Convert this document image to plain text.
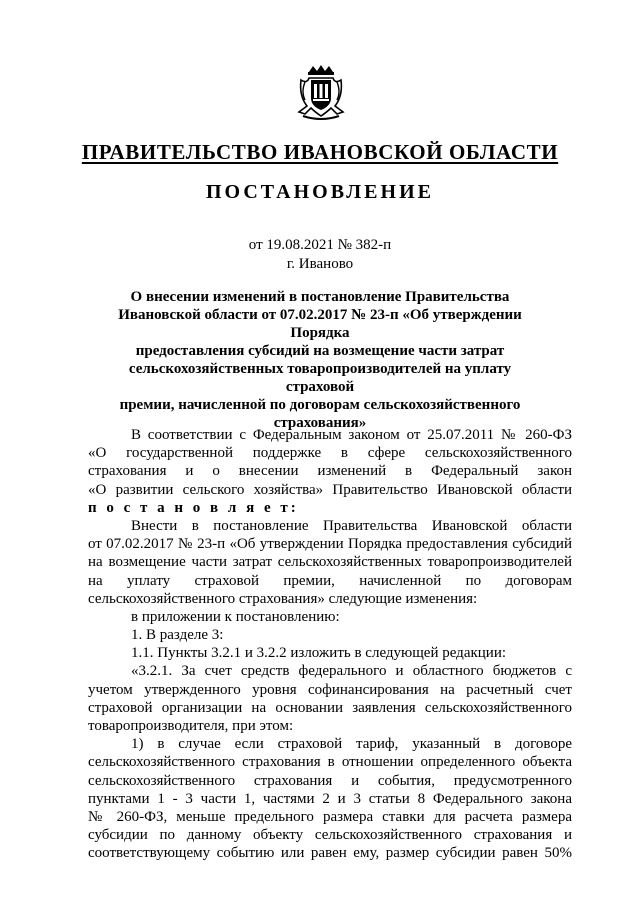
ПРАВИТЕЛЬСТВО ИВАНОВСКОЙ ОБЛАСТИ
ПОСТАНОВЛЕНИЕ
от 19.08.2021 № 382-п
г. Иваново
О внесении изменений в постановление Правительства
Ивановской области от 07.02.2017 № 23-п «Об утверждении Порядка
предоставления субсидий на возмещение части затрат
сельскохозяйственных товаропроизводителей на уплату страховой
премии, начисленной по договорам сельскохозяйственного
страхования»
В соответствии с Федеральным законом от 25.07.2011 № 260-ФЗ
«О государственной поддержке в сфере сельскохозяйственного
страхования и о внесении изменений в Федеральный закон
«О развитии сельского хозяйства» Правительство Ивановской области
п о с т а н о в л я е т:
Внести в постановление Правительства Ивановской области
от 07.02.2017 № 23-п «Об утверждении Порядка предоставления субсидий
на возмещение части затрат сельскохозяйственных товаропроизводителей
на уплату страховой премии, начисленной по договорам
сельскохозяйственного страхования» следующие изменения:
в приложении к постановлению:
1. В разделе 3:
1.1. Пункты 3.2.1 и 3.2.2 изложить в следующей редакции:
«3.2.1. За счет средств федерального и областного бюджетов с
учетом утвержденного уровня софинансирования на расчетный счет
страховой организации на основании заявления сельскохозяйственного
товаропроизводителя, при этом:
1) в случае если страховой тариф, указанный в договоре
сельскохозяйственного страхования в отношении определенного объекта
сельскохозяйственного страхования и события, предусмотренного
пунктами 1 - 3 части 1, частями 2 и 3 статьи 8 Федерального закона
№ 260-ФЗ, меньше предельного размера ставки для расчета размера
субсидии по данному объекту сельскохозяйственного страхования и
соответствующему событию или равен ему, размер субсидии равен 50%
